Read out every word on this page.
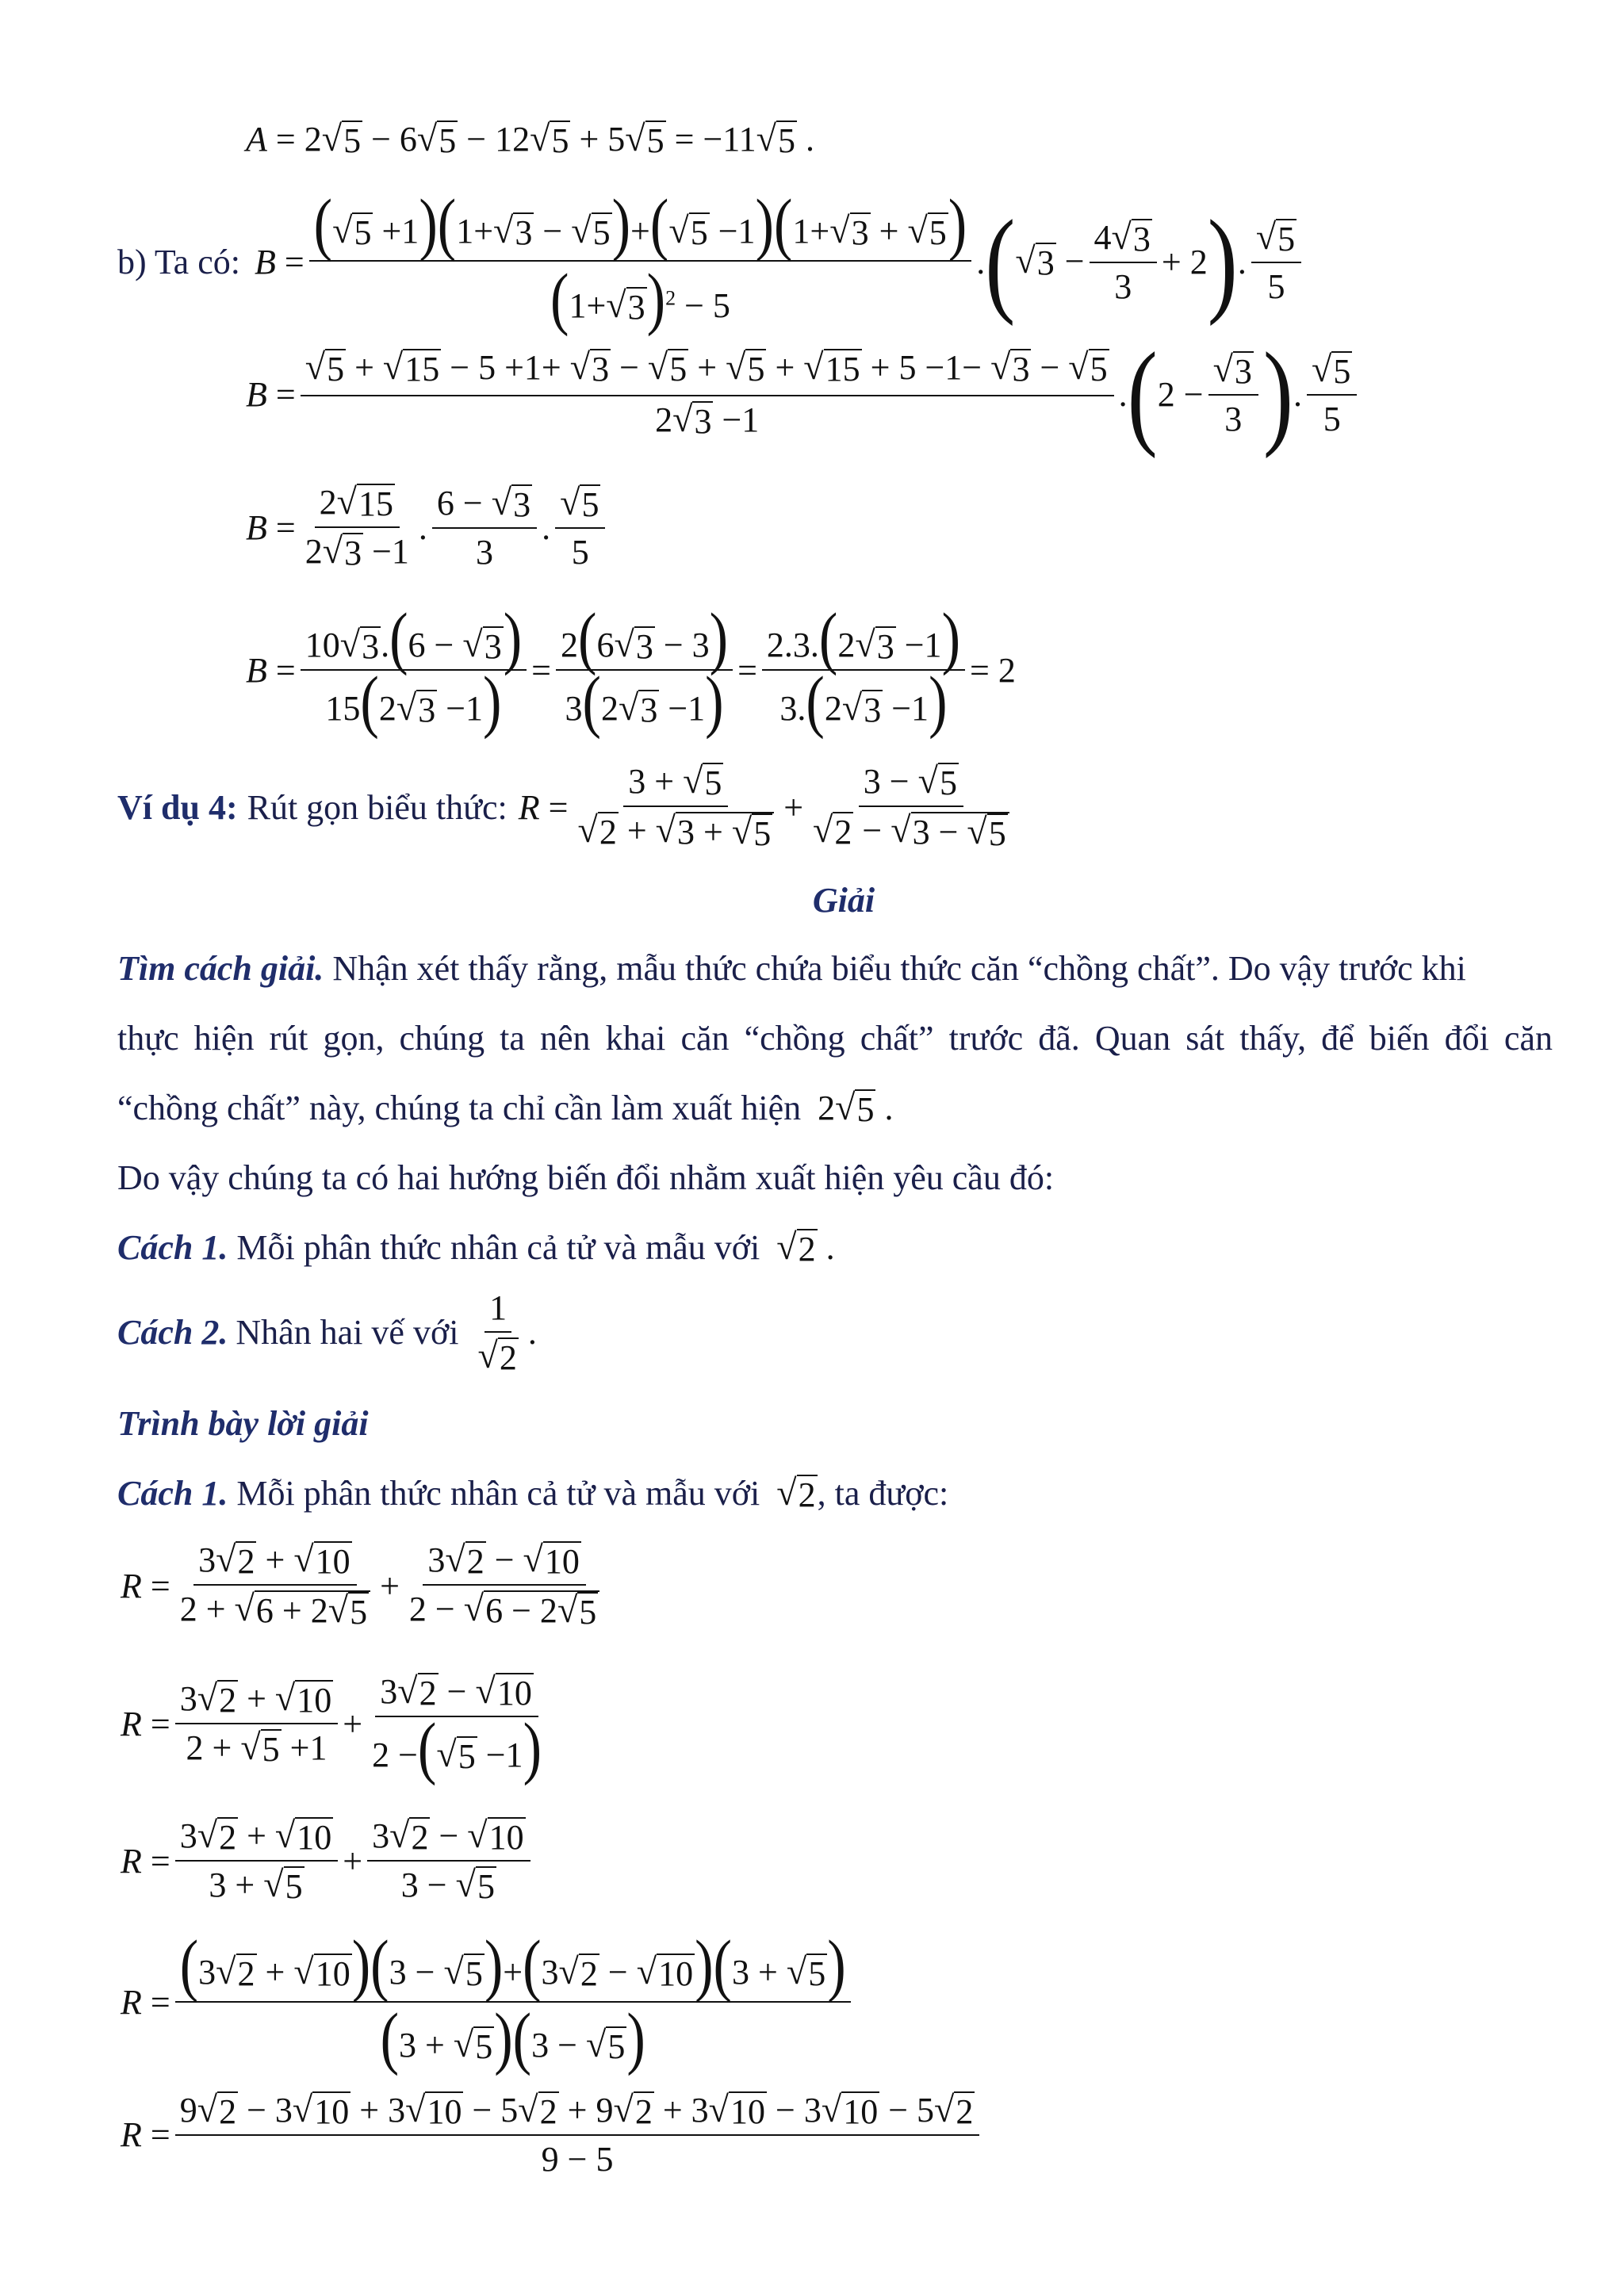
A = 2 √ 5 − 6 √ 5 − 12 √ 5 + 5 √ 5 = −11 √ 5 .
b) Ta có: $B = \frac{( √ 5 +1)(1+ √ 3 - √ 5 )+( √ 5 -1)(1+ √ 3 + √ 5 )}{(1+ √ 3 )^2 - 5}$ . ( √ $3 - \frac{4 √ 3}{3} + 2$ ) . $\frac{√ 5}{5}$
$B = \frac{√ 5 + √ 15 - 5 +1+ √ 3 - √ 5 + √ 5 + √ 15 + 5 -1- √ 3 - √ 5}{2 √ 3 -1}$ . ( $2 - \frac{√ 3}{3}$ ) . $\frac{√ 5}{5}$
$B = \frac{2 √ 15}{2 √ 3 -1}$ . $\frac{6 - √ 3}{3}$ . $\frac{√ 5}{5}$
$B = \frac{10 √ 3 .(6 - √ 3 )}{15(2 √ 3 -1)} = \frac{2(6 √ 3 - 3)}{3(2 √ 3 -1)} = \frac{2.3.(2 √ 3 -1)}{3.(2 √ 3 -1)} = 2$
Ví dụ 4: Rút gọn biểu thức: $R = \frac{3 + √ 5}{√ 2 + √ 3 + √ 5} + \frac{3 - √ 5}{√ 2 - √ 3 - √ 5}$
Giải
Tìm cách giải. Nhận xét thấy rằng, mẫu thức chứa biểu thức căn “chồng chất”. Do vậy trước khi
thực hiện rút gọn, chúng ta nên khai căn “chồng chất” trước đã. Quan sát thấy, để biến đổi căn
“chồng chất” này, chúng ta chỉ cần làm xuất hiện 2 √ 5 .
Do vậy chúng ta có hai hướng biến đổi nhằm xuất hiện yêu cầu đó:
Cách 1. Mỗi phân thức nhân cả tử và mẫu với √ 2 .
Cách 2. Nhân hai vế với $\frac{1}{√ 2}$ .
Trình bày lời giải
Cách 1. Mỗi phân thức nhân cả tử và mẫu với √ 2 , ta được:
$R = \frac{3 √ 2 + √ 10}{2 + √ 6 + 2 √ 5} + \frac{3 √ 2 - √ 10}{2 - √ 6 - 2 √ 5}$
$R = \frac{3 √ 2 + √ 10}{2 + √ 5 +1} + \frac{3 √ 2 - √ 10}{2 -( √ 5 -1)}$
$R = \frac{3 √ 2 + √ 10}{3 + √ 5} + \frac{3 √ 2 - √ 10}{3 - √ 5}$
$R = \frac{(3 √ 2 + √ 10 )(3 - √ 5 )+(3 √ 2 - √ 10 )(3 + √ 5 )}{(3 + √ 5 )(3 - √ 5 )}$
$R = \frac{9 √ 2 - 3 √ 10 + 3 √ 10 - 5 √ 2 + 9 √ 2 + 3 √ 10 - 3 √ 10 - 5 √ 2}{9 - 5}$
